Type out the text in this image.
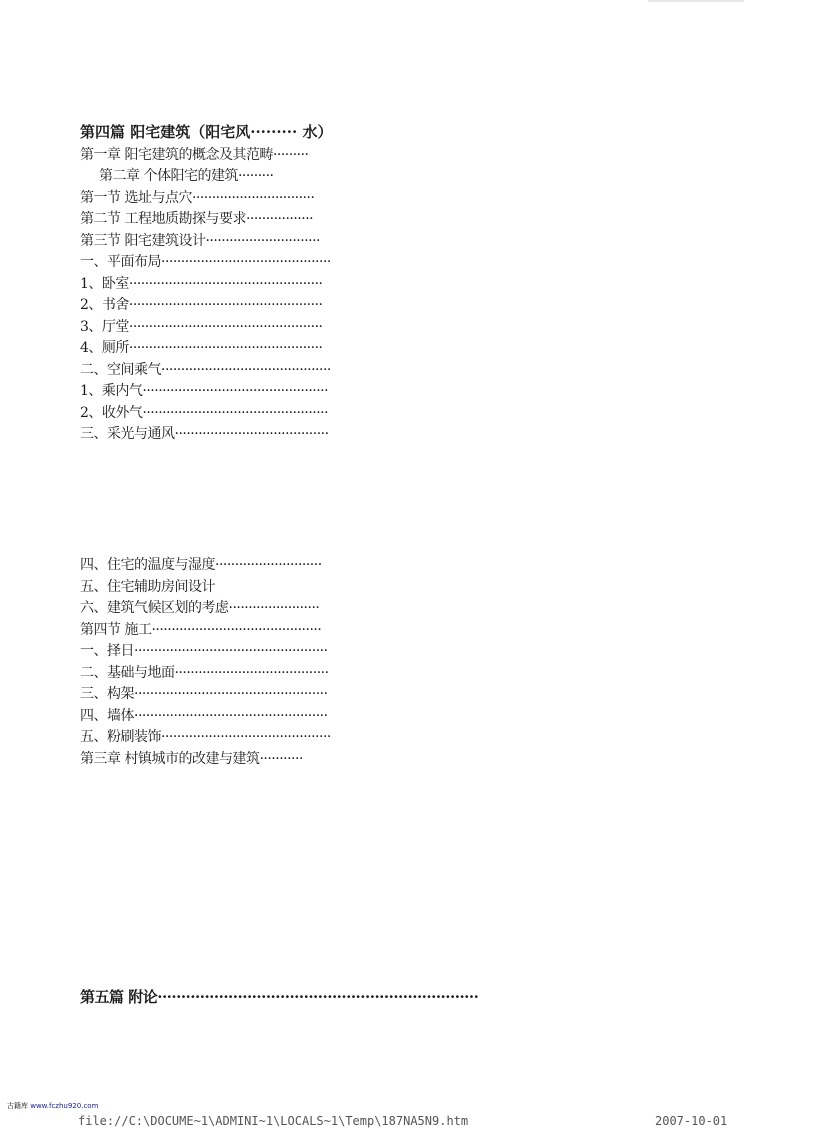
第四篇 阳宅建筑（阳宅风········· 水）
第一章 阳宅建筑的概念及其范畴·········
第二章 个体阳宅的建筑·········
第一节 选址与点穴·······························
第二节 工程地质勘探与要求·················
第三节 阳宅建筑设计·····························
一、平面布局···········································
1、卧室·················································
2、书舍·················································
3、厅堂·················································
4、厕所·················································
二、空间乘气···········································
1、乘内气···············································
2、收外气···············································
三、采光与通风·······································
四、住宅的温度与湿度···························
五、住宅辅助房间设计
六、建筑气候区划的考虑·······················
第四节 施工···········································
一、择日·················································
二、基础与地面·······································
三、构架·················································
四、墙体·················································
五、粉刷装饰···········································
第三章 村镇城市的改建与建筑···········
第五篇 附论····································································
古籍库 www.fczhu920.com
file://C:\DOCUME~1\ADMINI~1\LOCALS~1\Temp\187NA5N9.htm	2007-10-01
